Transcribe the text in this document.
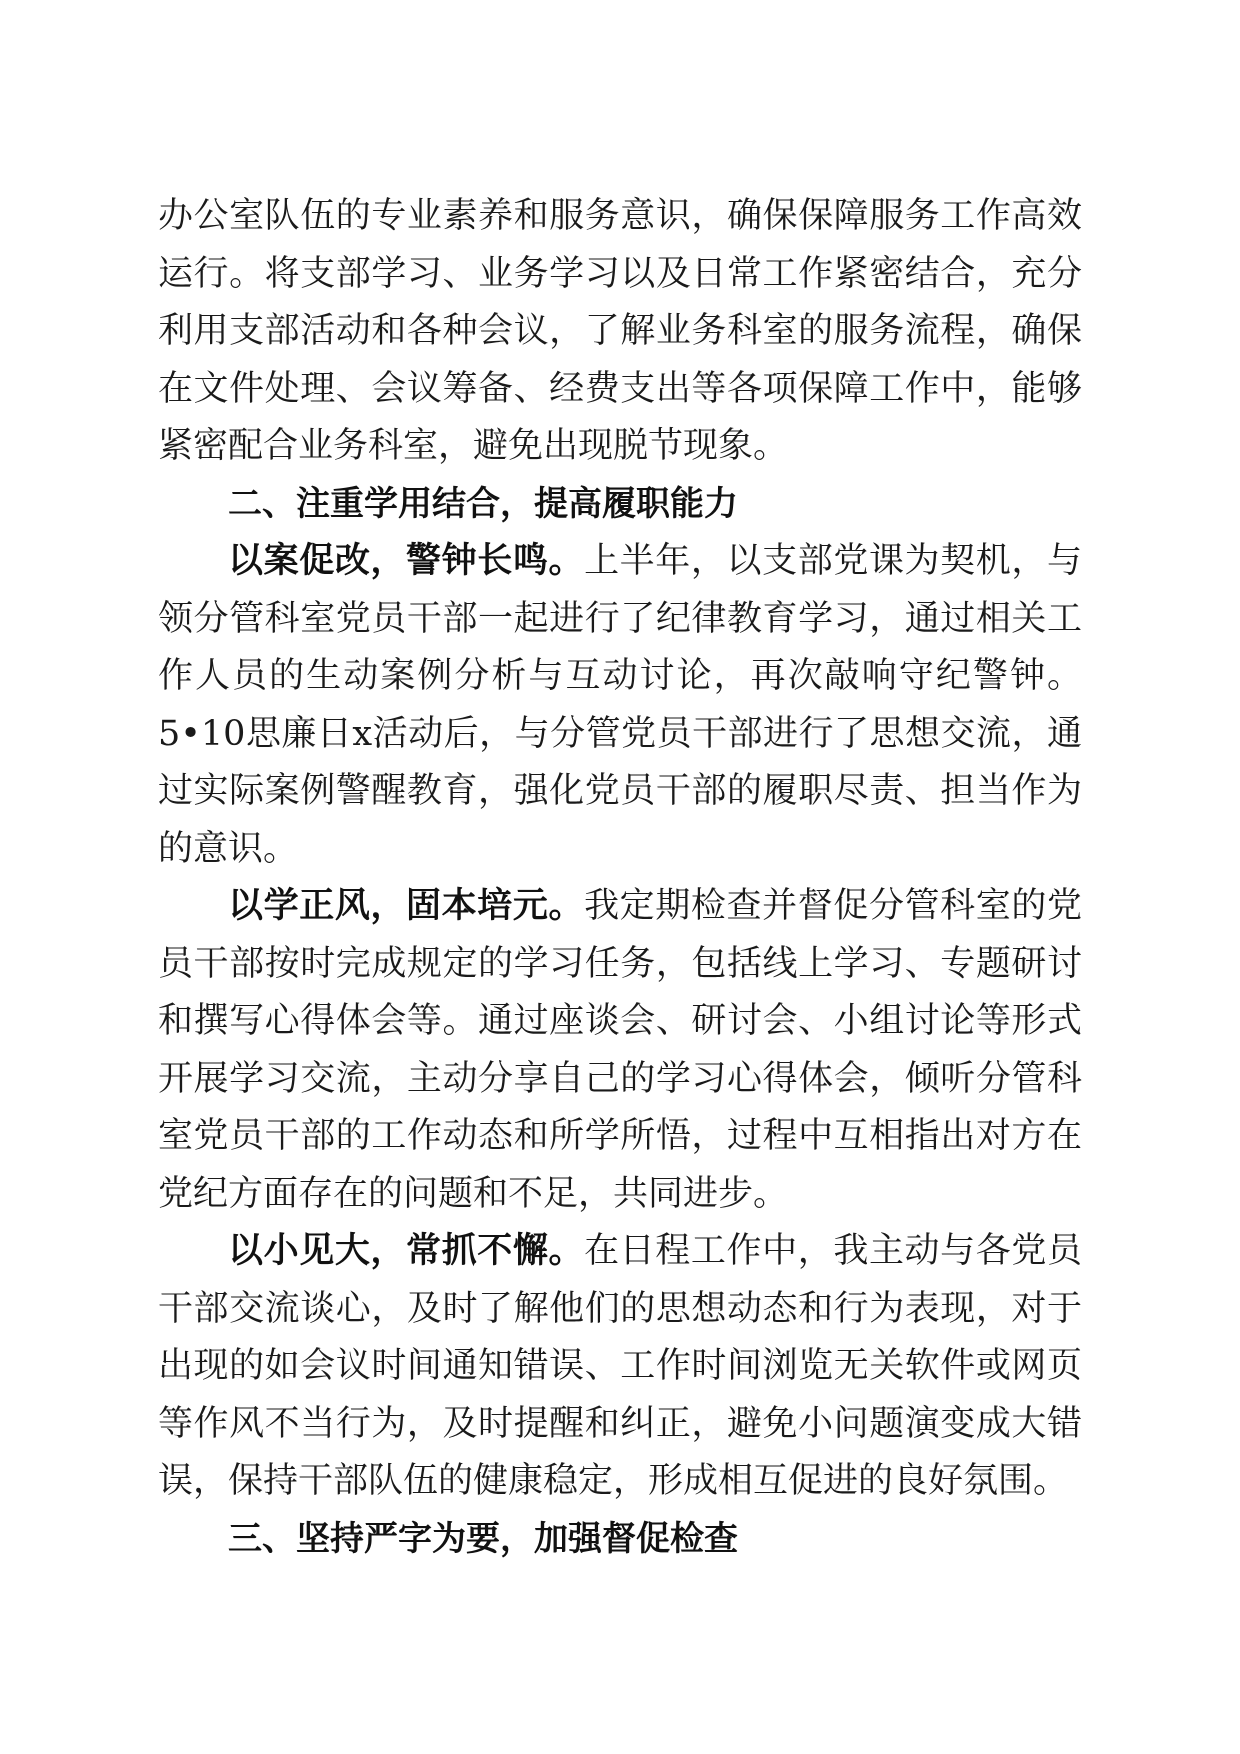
办公室队伍的专业素养和服务意识，确保保障服务工作高效运行。将支部学习、业务学习以及日常工作紧密结合，充分利用支部活动和各种会议，了解业务科室的服务流程，确保在文件处理、会议筹备、经费支出等各项保障工作中，能够紧密配合业务科室，避免出现脱节现象。

二、注重学用结合，提高履职能力

以案促改，警钟长鸣。上半年，以支部党课为契机，与领分管科室党员干部一起进行了纪律教育学习，通过相关工作人员的生动案例分析与互动讨论，再次敲响守纪警钟。5•10思廉日x活动后，与分管党员干部进行了思想交流，通过实际案例警醒教育，强化党员干部的履职尽责、担当作为的意识。

以学正风，固本培元。我定期检查并督促分管科室的党员干部按时完成规定的学习任务，包括线上学习、专题研讨和撰写心得体会等。通过座谈会、研讨会、小组讨论等形式开展学习交流，主动分享自己的学习心得体会，倾听分管科室党员干部的工作动态和所学所悟，过程中互相指出对方在党纪方面存在的问题和不足，共同进步。

以小见大，常抓不懈。在日程工作中，我主动与各党员干部交流谈心，及时了解他们的思想动态和行为表现，对于出现的如会议时间通知错误、工作时间浏览无关软件或网页等作风不当行为，及时提醒和纠正，避免小问题演变成大错误，保持干部队伍的健康稳定，形成相互促进的良好氛围。

三、坚持严字为要，加强督促检查
